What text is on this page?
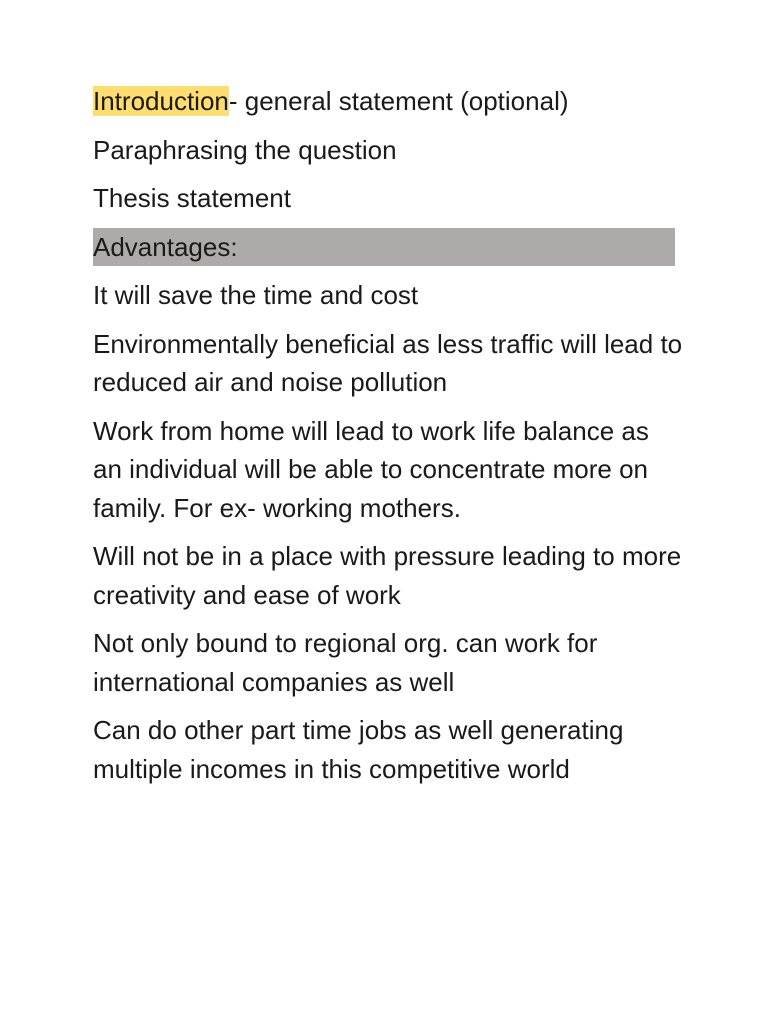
Introduction- general statement (optional)

Paraphrasing the question

Thesis statement

Advantages:

It will save the time and cost

Environmentally beneficial as less traffic will lead to reduced air and noise pollution

Work from home will lead to work life balance as an individual will be able to concentrate more on family. For ex- working mothers.

Will not be in a place with pressure leading to more creativity and ease of work

Not only bound to regional org. can work for international companies as well

Can do other part time jobs as well generating multiple incomes in this competitive world
